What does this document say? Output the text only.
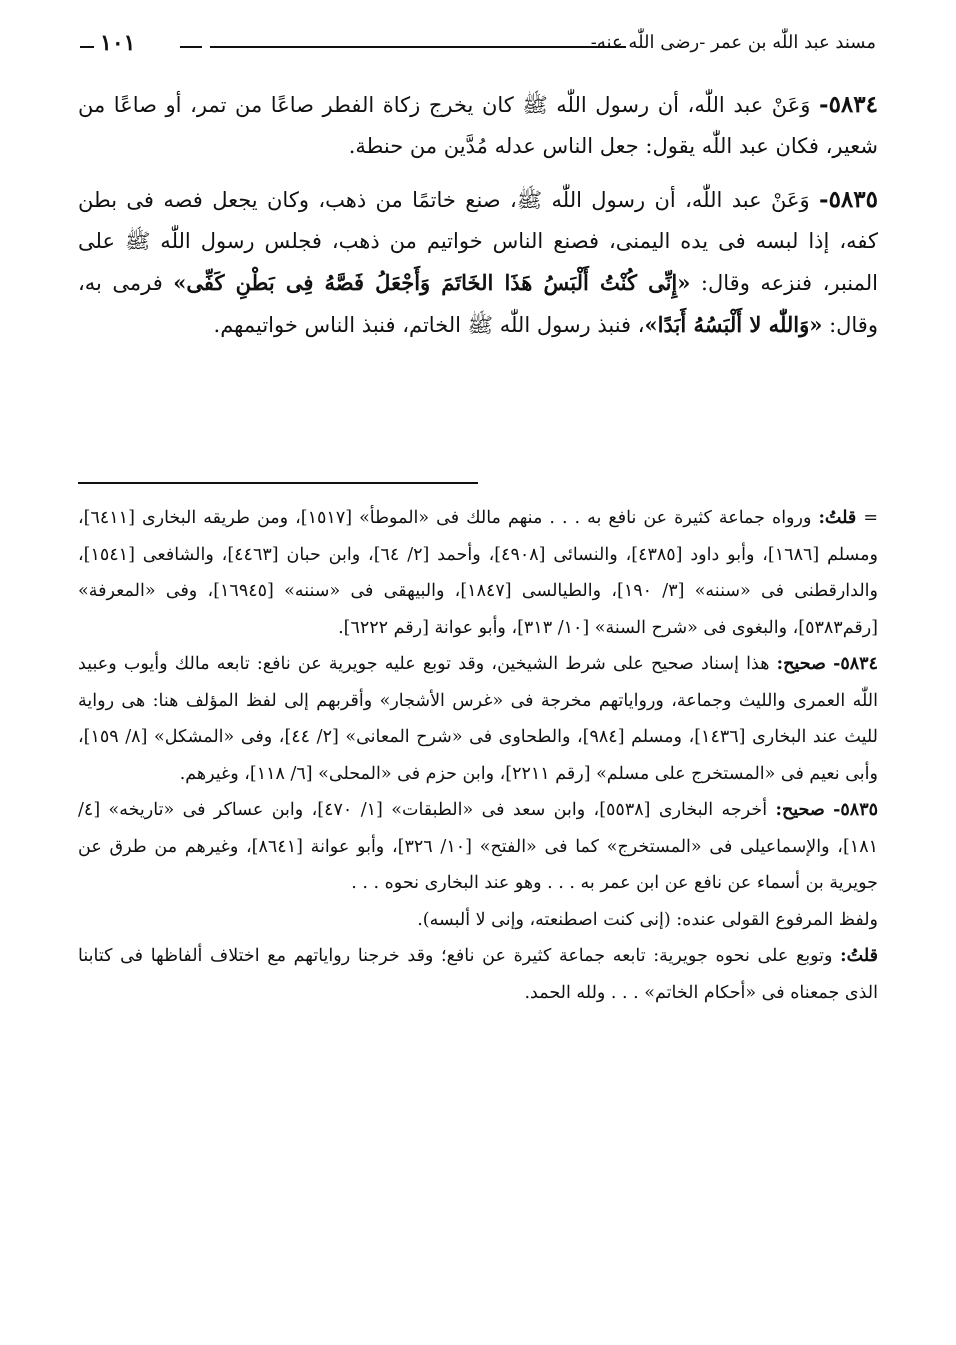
مسند عبد اللّٰه بن عمر -رضى اللّٰه عنه-
١٠١

٥٨٣٤- وَعَنْ عبد اللّٰه، أن رسول اللّٰه ﷺ كان يخرج زكاة الفطر صاعًا من تمر، أو صاعًا من شعير، فكان عبد اللّٰه يقول: جعل الناس عدله مُدَّين من حنطة.

٥٨٣٥- وَعَنْ عبد اللّٰه، أن رسول اللّٰه ﷺ، صنع خاتمًا من ذهب، وكان يجعل فصه فى بطن كفه، إذا لبسه فى يده اليمنى، فصنع الناس خواتيم من ذهب، فجلس رسول اللّٰه ﷺ على المنبر، فنزعه وقال: «إِنِّى كُنْتُ أَلْبَسُ هَذَا الخَاتَمَ وَأَجْعَلُ فَصَّهُ فِى بَطْنِ كَفِّى» فرمى به، وقال: «وَاللّٰه لا أَلْبَسُهُ أَبَدًا»، فنبذ رسول اللّٰه ﷺ الخاتم، فنبذ الناس خواتيمهم.

= قلتُ: ورواه جماعة كثيرة عن نافع به . . . منهم مالك فى «الموطأ» [١٥١٧]، ومن طريقه البخارى [٦٤١١]، ومسلم [١٦٨٦]، وأبو داود [٤٣٨٥]، والنسائى [٤٩٠٨]، وأحمد [٢/ ٦٤]، وابن حبان [٤٤٦٣]، والشافعى [١٥٤١]، والدارقطنى فى «سننه» [٣/ ١٩٠]، والطيالسى [١٨٤٧]، والبيهقى فى «سننه» [١٦٩٤٥]، وفى «المعرفة» [رقم٥٣٨٣]، والبغوى فى «شرح السنة» [١٠/ ٣١٣]، وأبو عوانة [رقم ٦٢٢٢].

٥٨٣٤- صحيح: هذا إسناد صحيح على شرط الشيخين، وقد توبع عليه جويرية عن نافع: تابعه مالك وأيوب وعبيد اللّٰه العمرى والليث وجماعة، ورواياتهم مخرجة فى «غرس الأشجار» وأقربهم إلى لفظ المؤلف هنا: هى رواية لليث عند البخارى [١٤٣٦]، ومسلم [٩٨٤]، والطحاوى فى «شرح المعانى» [٢/ ٤٤]، وفى «المشكل» [٨/ ١٥٩]، وأبى نعيم فى «المستخرج على مسلم» [رقم ٢٢١١]، وابن حزم فى «المحلى» [٦/ ١١٨]، وغيرهم.

٥٨٣٥- صحيح: أخرجه البخارى [٥٥٣٨]، وابن سعد فى «الطبقات» [١/ ٤٧٠]، وابن عساكر فى «تاريخه» [٤/ ١٨١]، والإسماعيلى فى «المستخرج» كما فى «الفتح» [١٠/ ٣٢٦]، وأبو عوانة [٨٦٤١]، وغيرهم من طرق عن جويرية بن أسماء عن نافع عن ابن عمر به . . . وهو عند البخارى نحوه . . .

ولفظ المرفوع القولى عنده: (إنى كنت اصطنعته، وإنى لا ألبسه).

قلتُ: وتوبع على نحوه جويرية: تابعه جماعة كثيرة عن نافع؛ وقد خرجنا رواياتهم مع اختلاف ألفاظها فى كتابنا الذى جمعناه فى «أحكام الخاتم» . . . ولله الحمد.
